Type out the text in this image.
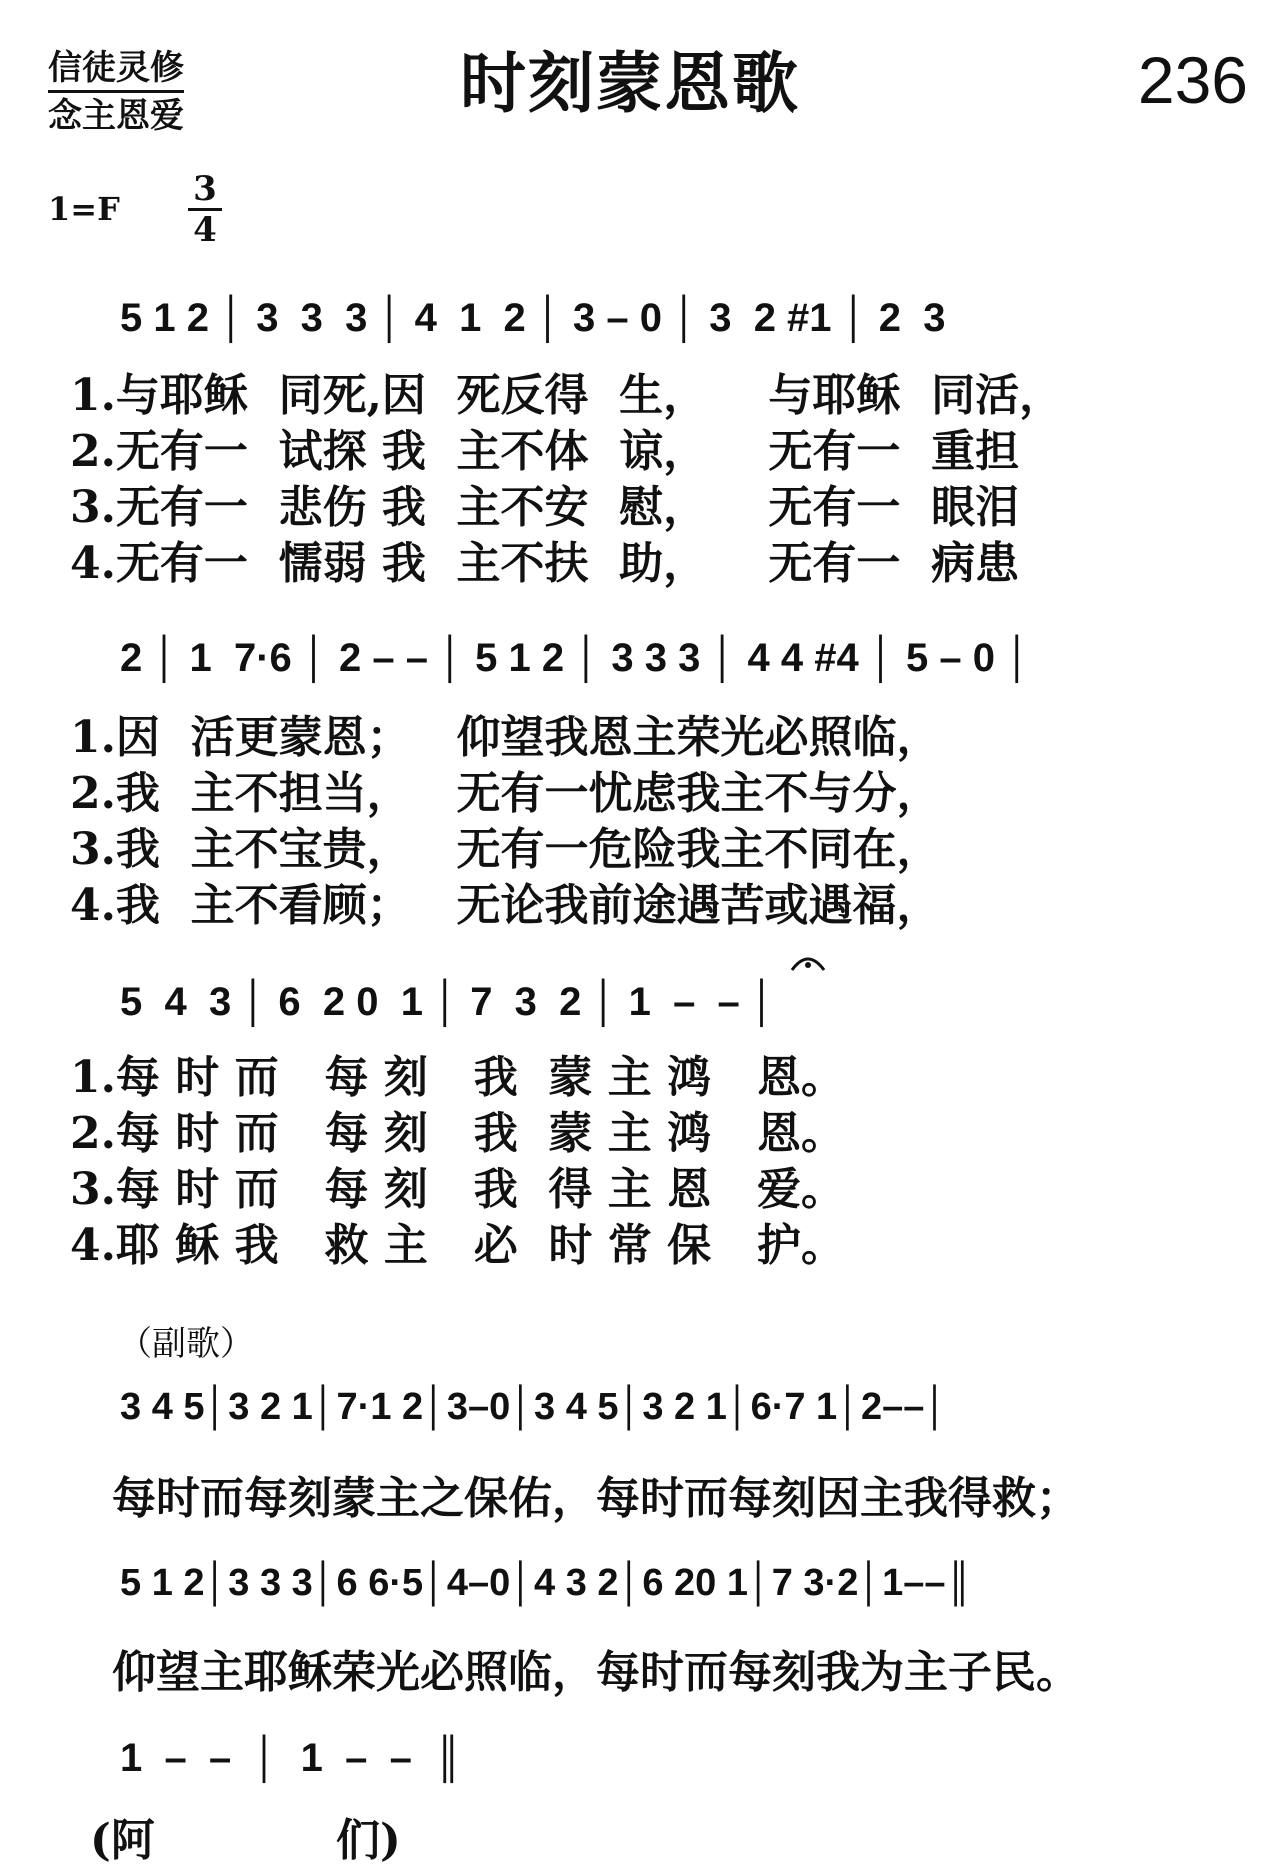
信徒灵修
念主恩爱	时刻蒙恩歌	236
1=F 3
4
5 1 2 │ 3  3  3 │ 4  1  2 │ 3 – 0 │ 3  2 #1 │ 2  3
1.与耶稣  同死,因  死反得  生，    与耶稣  同活，
2.无有一  试探 我  主不体  谅，    无有一  重担
3.无有一  悲伤 我  主不安  慰，    无有一  眼泪
4.无有一  懦弱 我  主不扶  助，    无有一  病患
2 │ 1  7·6 │ 2 – – │ 5 1 2 │ 3 3 3 │ 4 4 #4 │ 5 – 0 │
1.因  活更蒙恩；   仰望我恩主荣光必照临，
2.我  主不担当，   无有一忧虑我主不与分，
3.我  主不宝贵，   无有一危险我主不同在，
4.我  主不看顾；   无论我前途遇苦或遇福，
5  4  3 │ 6  2 0  1 │ 7  3  2 │ 1  –  – │
1.每 时 而   每 刻   我  蒙 主 鸿   恩。
2.每 时 而   每 刻   我  蒙 主 鸿   恩。
3.每 时 而   每 刻   我  得 主 恩   爱。
4.耶 稣 我   救 主   必  时 常 保   护。
（副歌）
3 4 5│3 2 1│7·1 2│3–0│3 4 5│3 2 1│6·7 1│2––│
每时而每刻蒙主之保佑，每时而每刻因主我得救；
5 1 2│3 3 3│6 6·5│4–0│4 3 2│6 20 1│7 3·2│1––║
仰望主耶稣荣光必照临，每时而每刻我为主子民。
1  –  –  │  1  –  –  ║
(阿	们)
